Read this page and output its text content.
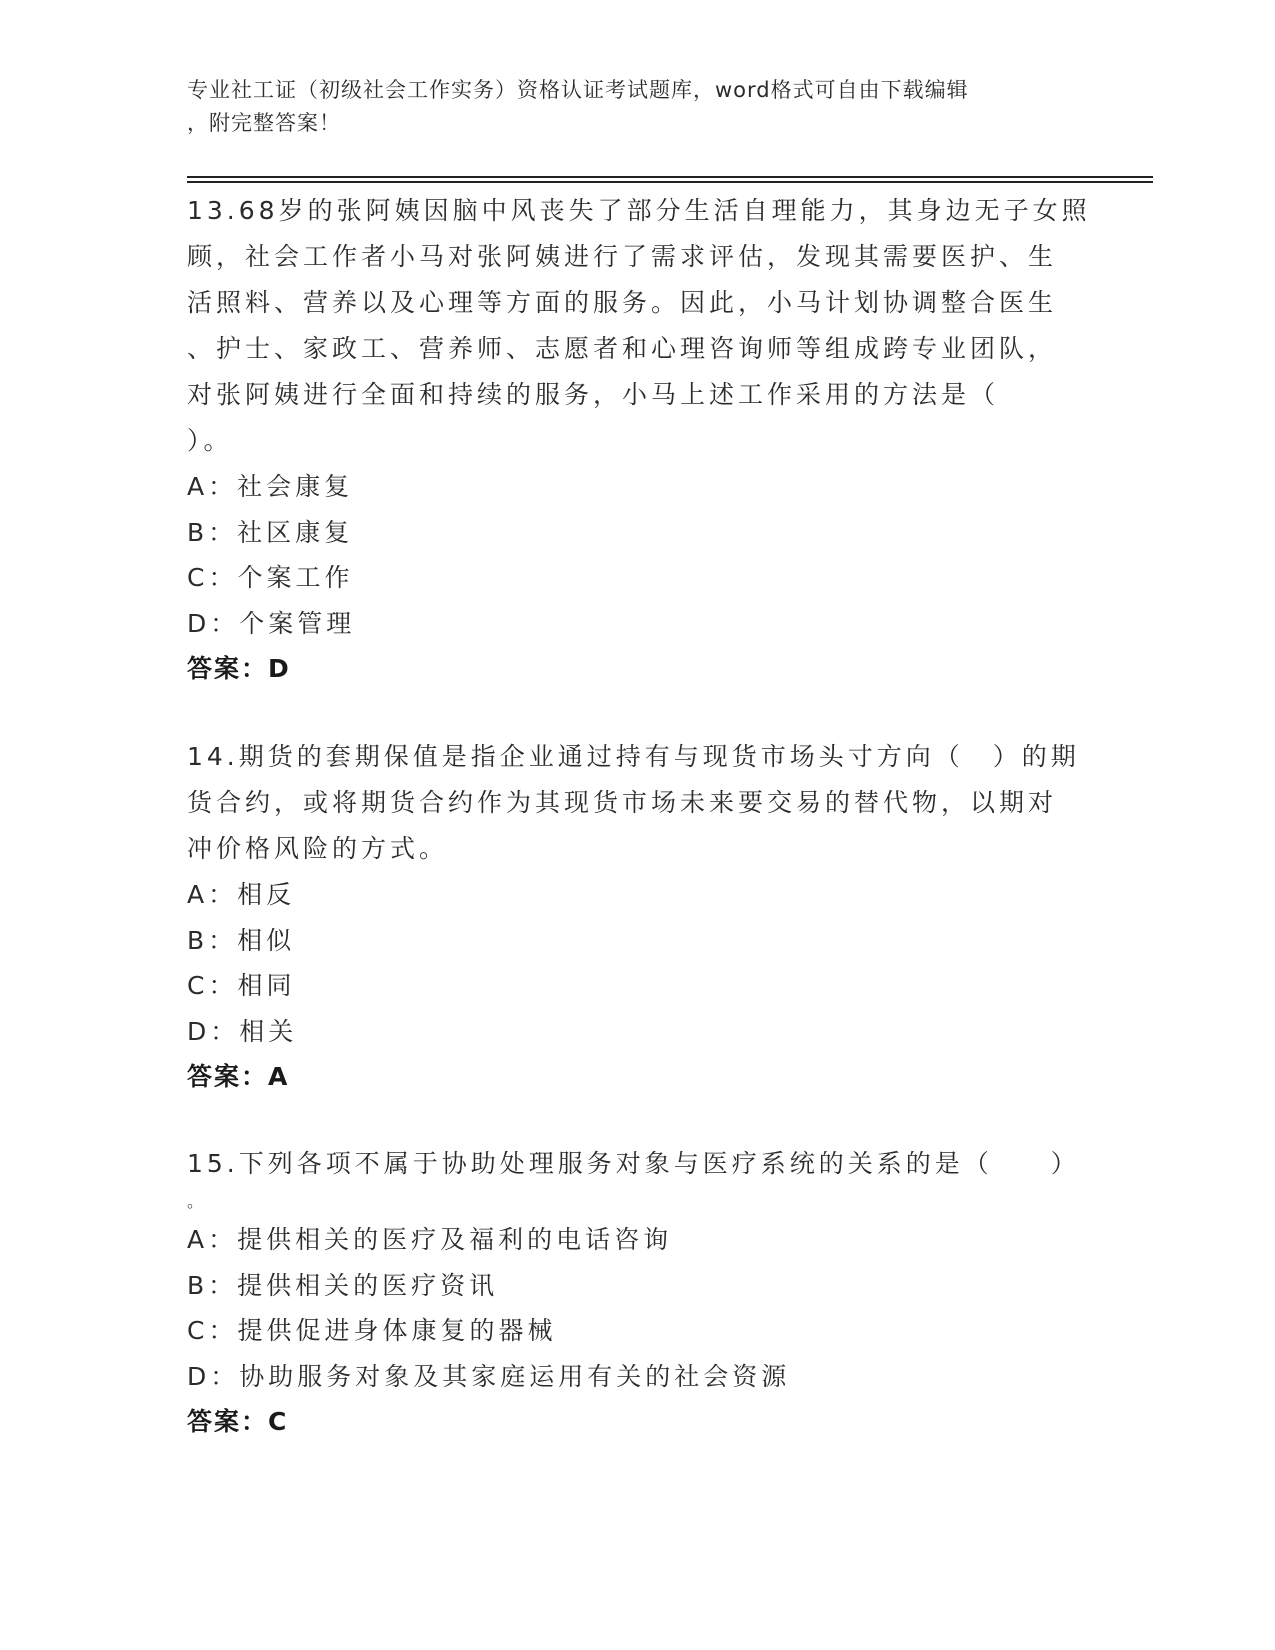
专业社工证（初级社会工作实务）资格认证考试题库，word格式可自由下载编辑
，附完整答案！
13.68岁的张阿姨因脑中风丧失了部分生活自理能力，其身边无子女照
顾，社会工作者小马对张阿姨进行了需求评估，发现其需要医护、生
活照料、营养以及心理等方面的服务。因此，小马计划协调整合医生
、护士、家政工、营养师、志愿者和心理咨询师等组成跨专业团队，
对张阿姨进行全面和持续的服务，小马上述工作采用的方法是（
）。
A：社会康复
B：社区康复
C：个案工作
D：个案管理
答案：D
14.期货的套期保值是指企业通过持有与现货市场头寸方向（　）的期
货合约，或将期货合约作为其现货市场未来要交易的替代物，以期对
冲价格风险的方式。
A：相反
B：相似
C：相同
D：相关
答案：A
15.下列各项不属于协助处理服务对象与医疗系统的关系的是（　　）
。
A：提供相关的医疗及福利的电话咨询
B：提供相关的医疗资讯
C：提供促进身体康复的器械
D：协助服务对象及其家庭运用有关的社会资源
答案：C
